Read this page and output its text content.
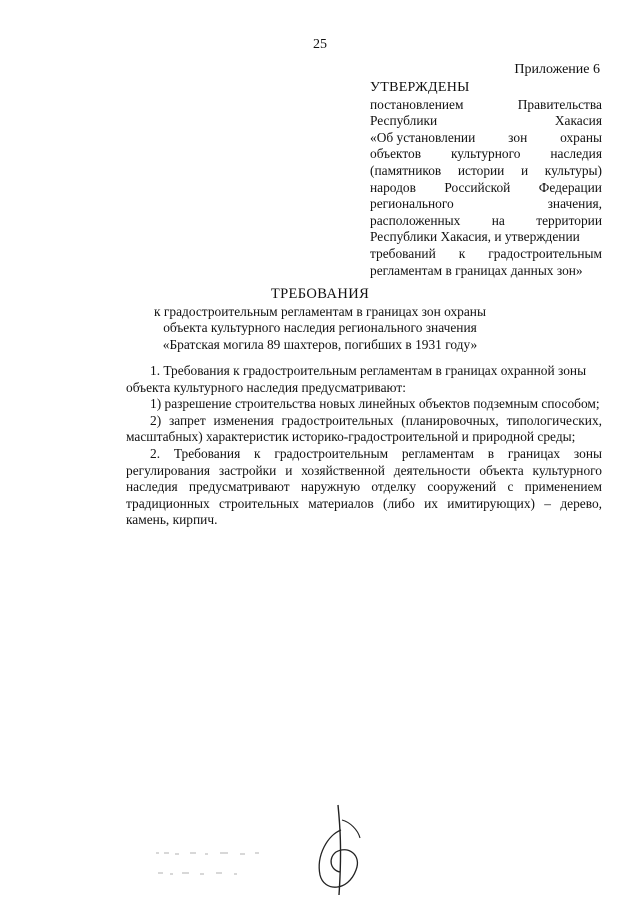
25
Приложение 6
УТВЕРЖДЕНЫ
постановлением	Правительства
Республики	Хакасия
«Об установлении зон охраны
объектов культурного наследия
(памятников истории и культуры)
народов Российской Федерации
регионального	значения,
расположенных на территории
Республики Хакасия, и утверждении
требований к градостроительным
регламентам в границах данных зон»
ТРЕБОВАНИЯ
к градостроительным регламентам в границах зон охраны
объекта культурного наследия регионального значения
«Братская могила 89 шахтеров, погибших в 1931 году»

1. Требования к градостроительным регламентам в границах охранной зоны

объекта культурного наследия предусматривают:

1) разрешение строительства новых линейных объектов подземным способом;

2) запрет изменения градостроительных (планировочных, типологических, масштабных) характеристик историко-градостроительной и природной среды;

2. Требования к градостроительным регламентам в границах зоны регулирования застройки и хозяйственной деятельности объекта культурного наследия предусматривают наружную отделку сооружений с применением традиционных строительных материалов (либо их имитирующих) – дерево, камень, кирпич.
